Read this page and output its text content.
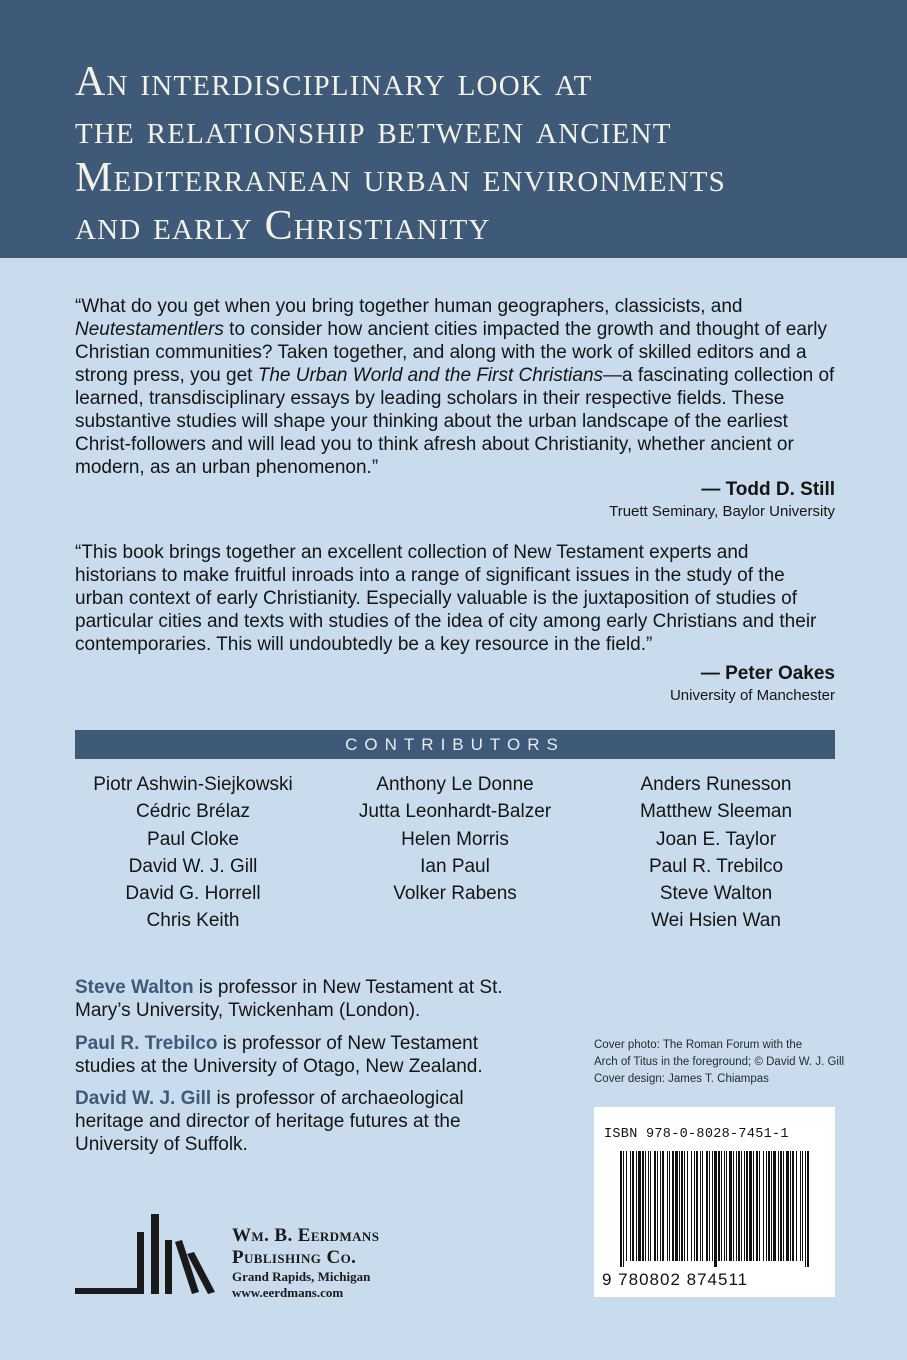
An interdisciplinary look at
the relationship between ancient
Mediterranean urban environments
and early Christianity

“What do you get when you bring together human geographers, classicists, and Neutestamentlers to consider how ancient cities impacted the growth and thought of early Christian communities? Taken together, and along with the work of skilled editors and a strong press, you get The Urban World and the First Christians—a fascinating collection of learned, transdisciplinary essays by leading scholars in their respective fields. These substantive studies will shape your thinking about the urban landscape of the earliest Christ-followers and will lead you to think afresh about Christianity, whether ancient or modern, as an urban phenomenon.”

— Todd D. Still
Truett Seminary, Baylor University

“This book brings together an excellent collection of New Testament experts and historians to make fruitful inroads into a range of significant issues in the study of the urban context of early Christianity. Especially valuable is the juxtaposition of studies of particular cities and texts with studies of the idea of city among early Christians and their contemporaries. This will undoubtedly be a key resource in the field.”

— Peter Oakes
University of Manchester
CONTRIBUTORS
Piotr Ashwin-Siejkowski
Cédric Brélaz
Paul Cloke
David W. J. Gill
David G. Horrell
Chris Keith
Anthony Le Donne
Jutta Leonhardt-Balzer
Helen Morris
Ian Paul
Volker Rabens
Anders Runesson
Matthew Sleeman
Joan E. Taylor
Paul R. Trebilco
Steve Walton
Wei Hsien Wan

Steve Walton is professor in New Testament at St. Mary’s University, Twickenham (London).

Paul R. Trebilco is professor of New Testament studies at the University of Otago, New Zealand.

David W. J. Gill is professor of archaeological heritage and director of heritage futures at the University of Suffolk.

Cover photo: The Roman Forum with the
Arch of Titus in the foreground; © David W. J. Gill
Cover design: James T. Chiampas
ISBN 978-0-8028-7451-1
9 780802 874511
Wm. B. Eerdmans
Publishing Co.
Grand Rapids, Michigan
www.eerdmans.com
